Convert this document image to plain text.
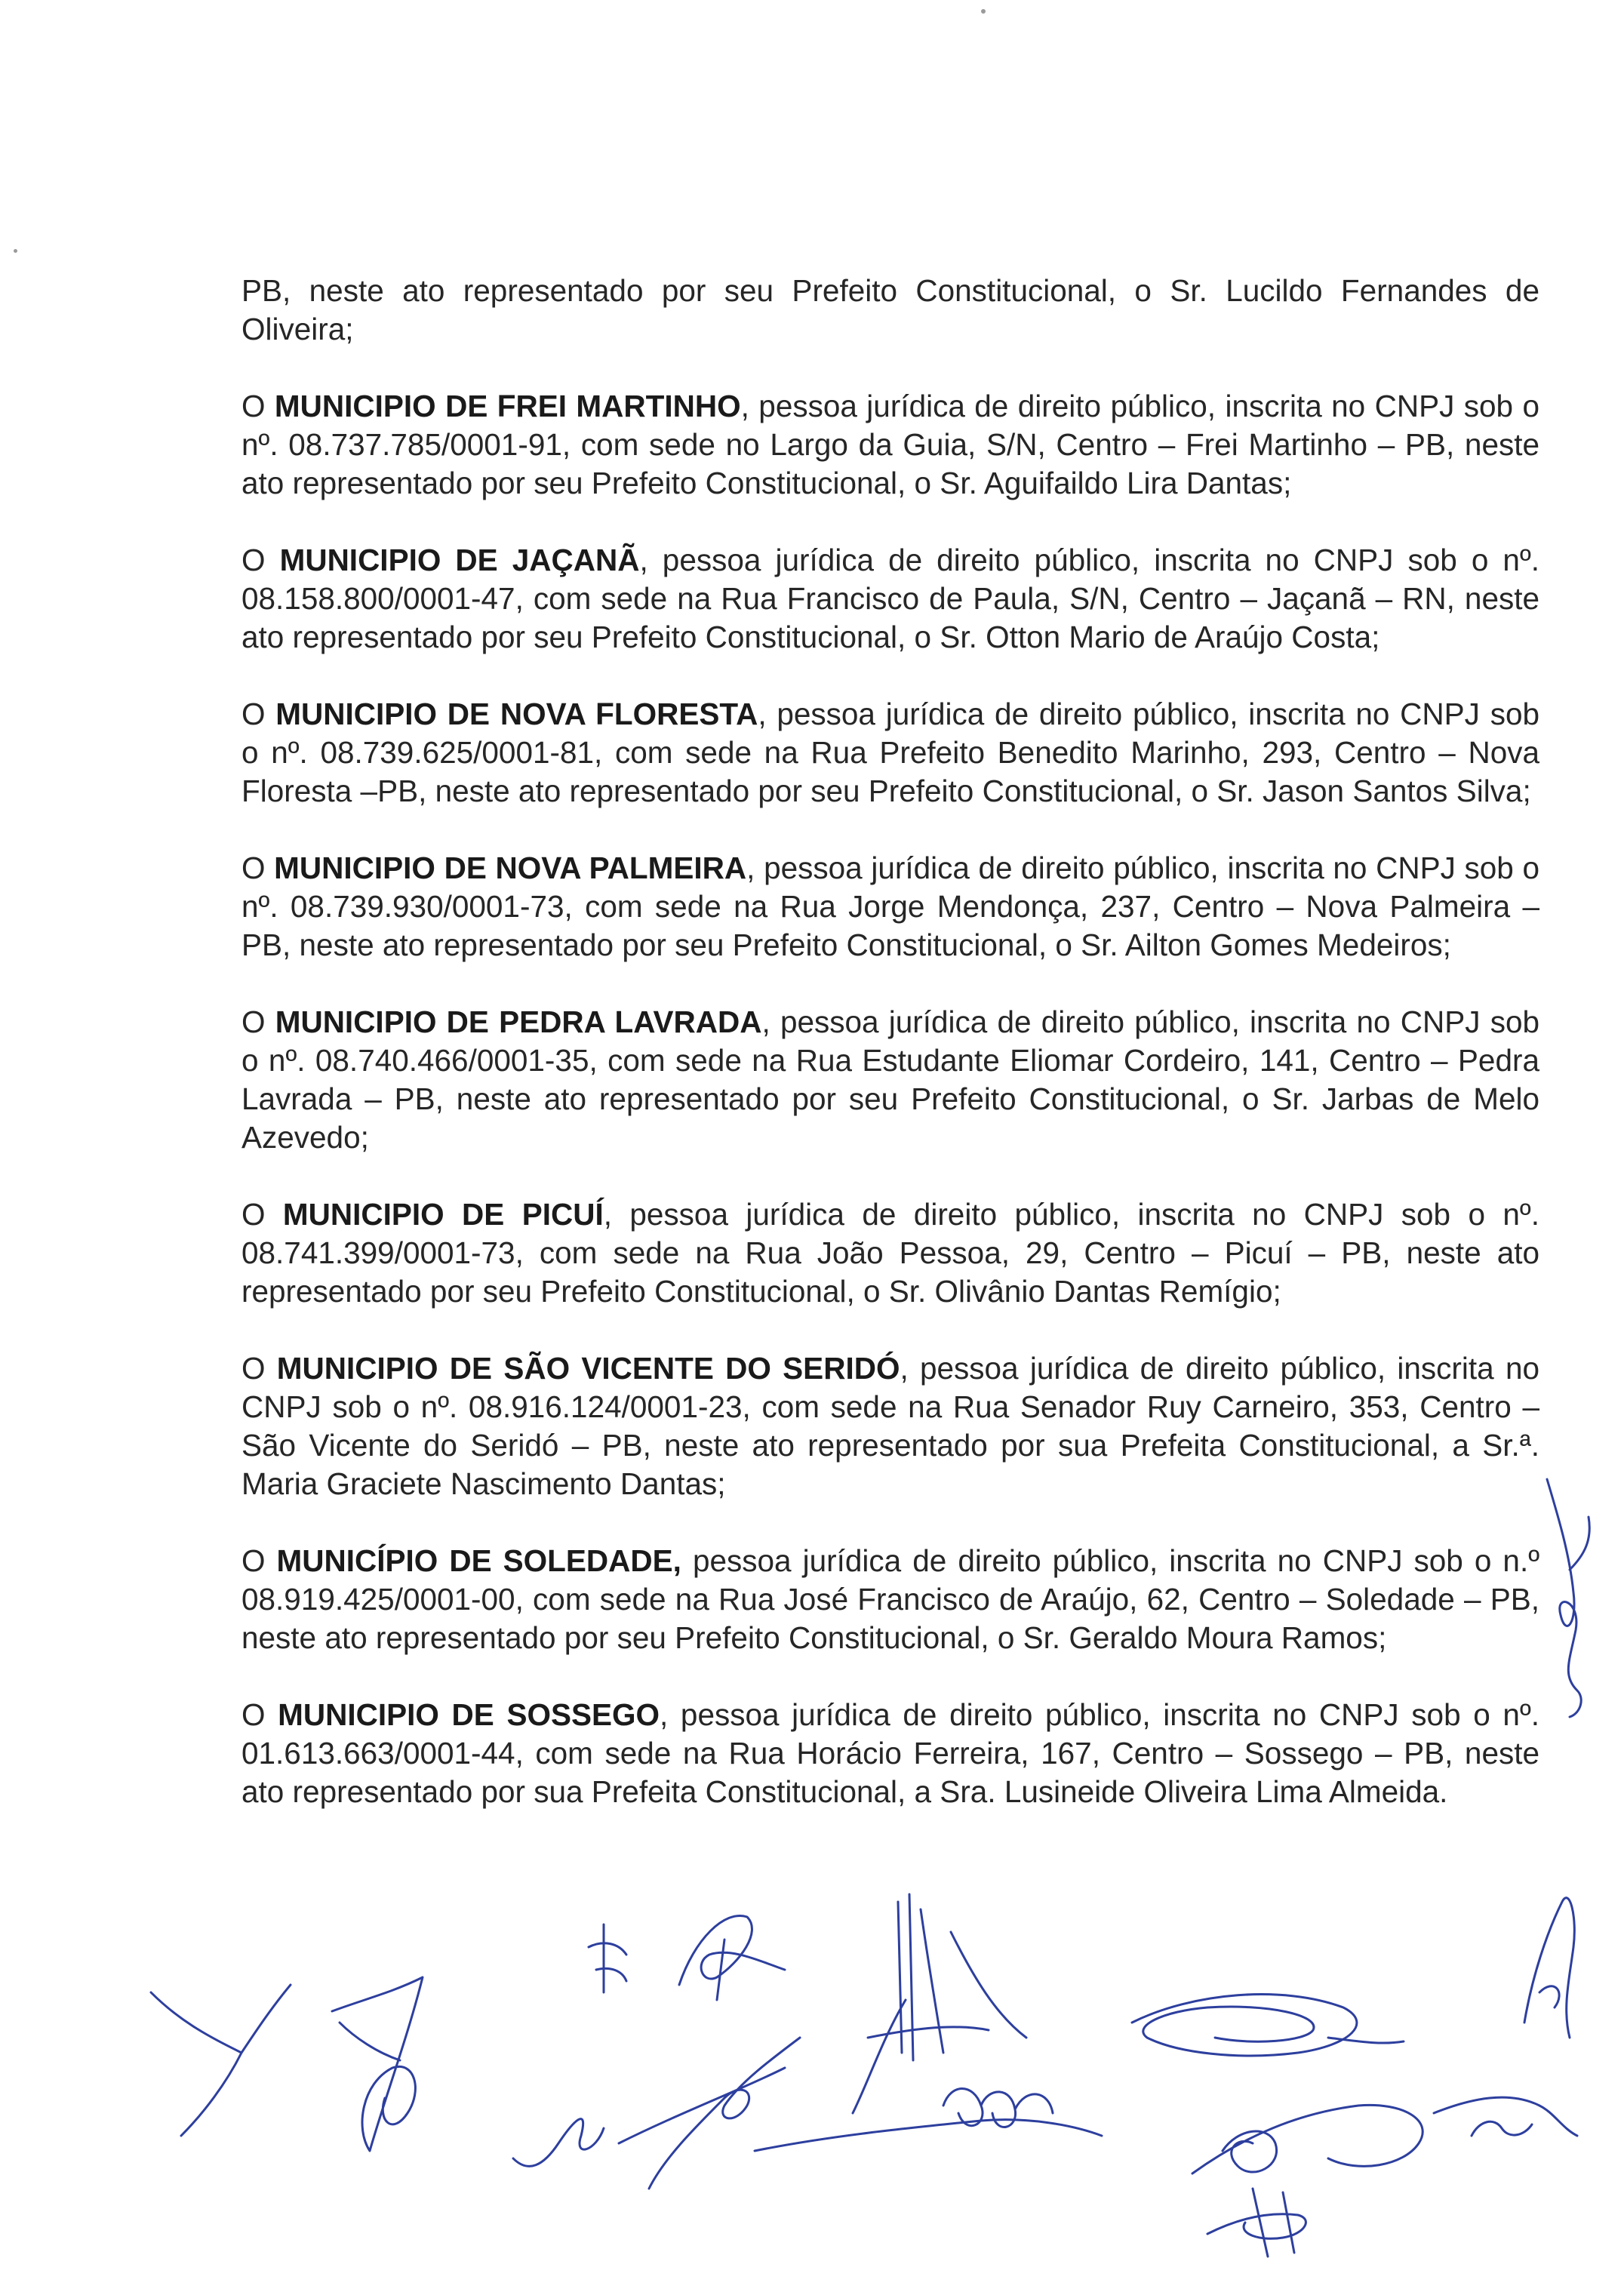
PB, neste ato representado por seu Prefeito Constitucional, o Sr. Lucildo Fernandes de Oliveira;

O MUNICIPIO DE FREI MARTINHO, pessoa jurídica de direito público, inscrita no CNPJ sob o nº. 08.737.785/0001-91, com sede no Largo da Guia, S/N, Centro – Frei Martinho – PB, neste ato representado por seu Prefeito Constitucional, o Sr. Aguifaildo Lira Dantas;

O MUNICIPIO DE JAÇANÃ, pessoa jurídica de direito público, inscrita no CNPJ sob o nº. 08.158.800/0001-47, com sede na Rua Francisco de Paula, S/N, Centro – Jaçanã – RN, neste ato representado por seu Prefeito Constitucional, o Sr. Otton Mario de Araújo Costa;

O MUNICIPIO DE NOVA FLORESTA, pessoa jurídica de direito público, inscrita no CNPJ sob o nº. 08.739.625/0001-81, com sede na Rua Prefeito Benedito Marinho, 293, Centro – Nova Floresta –PB, neste ato representado por seu Prefeito Constitucional, o Sr. Jason Santos Silva;

O MUNICIPIO DE NOVA PALMEIRA, pessoa jurídica de direito público, inscrita no CNPJ sob o nº. 08.739.930/0001-73, com sede na Rua Jorge Mendonça, 237, Centro – Nova Palmeira – PB, neste ato representado por seu Prefeito Constitucional, o Sr. Ailton Gomes Medeiros;

O MUNICIPIO DE PEDRA LAVRADA, pessoa jurídica de direito público, inscrita no CNPJ sob o nº. 08.740.466/0001-35, com sede na Rua Estudante Eliomar Cordeiro, 141, Centro – Pedra Lavrada – PB, neste ato representado por seu Prefeito Constitucional, o Sr. Jarbas de Melo Azevedo;

O MUNICIPIO DE PICUÍ, pessoa jurídica de direito público, inscrita no CNPJ sob o nº. 08.741.399/0001-73, com sede na Rua João Pessoa, 29, Centro – Picuí – PB, neste ato representado por seu Prefeito Constitucional, o Sr. Olivânio Dantas Remígio;

O MUNICIPIO DE SÃO VICENTE DO SERIDÓ, pessoa jurídica de direito público, inscrita no CNPJ sob o nº. 08.916.124/0001-23, com sede na Rua Senador Ruy Carneiro, 353, Centro – São Vicente do Seridó – PB, neste ato representado por sua Prefeita Constitucional, a Sr.ª. Maria Graciete Nascimento Dantas;

O MUNICÍPIO DE SOLEDADE, pessoa jurídica de direito público, inscrita no CNPJ sob o n.º 08.919.425/0001-00, com sede na Rua José Francisco de Araújo, 62, Centro – Soledade – PB, neste ato representado por seu Prefeito Constitucional, o Sr. Geraldo Moura Ramos;

O MUNICIPIO DE SOSSEGO, pessoa jurídica de direito público, inscrita no CNPJ sob o nº. 01.613.663/0001-44, com sede na Rua Horácio Ferreira, 167, Centro – Sossego – PB, neste ato representado por sua Prefeita Constitucional, a Sra. Lusineide Oliveira Lima Almeida.
